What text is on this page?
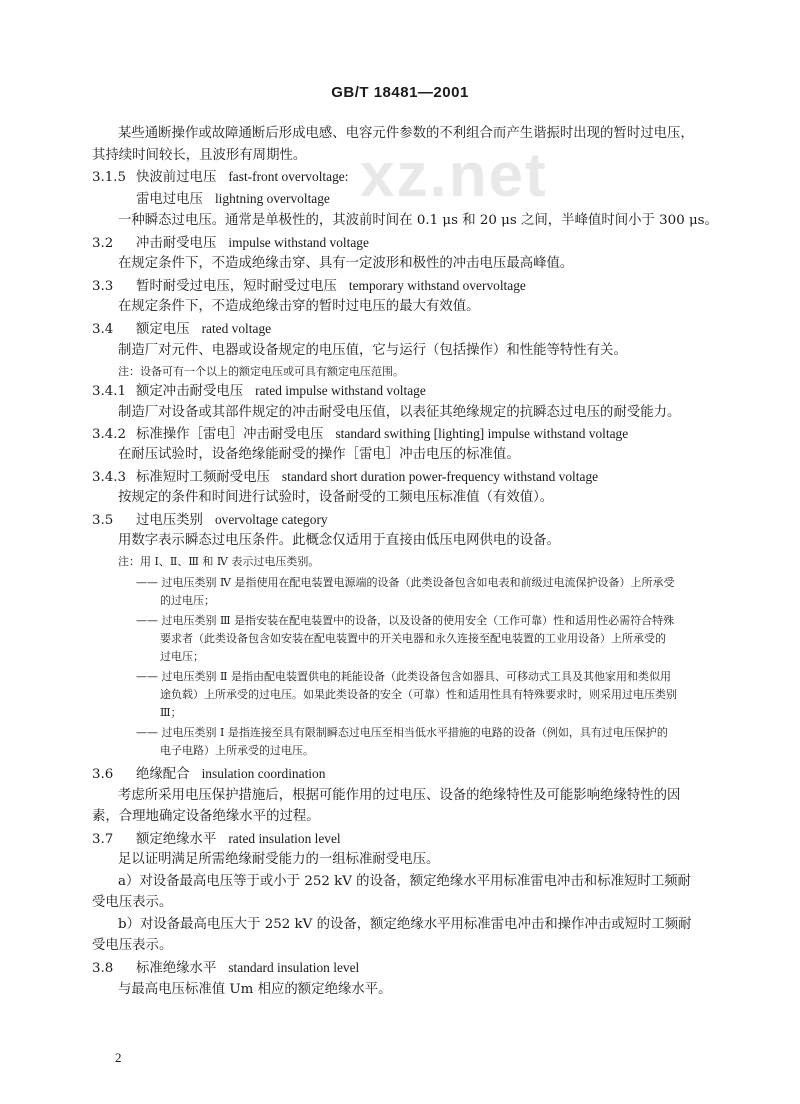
GB/T 18481—2001
xz.net
某些通断操作或故障通断后形成电感、电容元件参数的不利组合而产生谐振时出现的暂时过电压，
其持续时间较长，且波形有周期性。
3.1.5 快波前过电压 fast-front overvoltage:
雷电过电压 lightning overvoltage
一种瞬态过电压。通常是单极性的，其波前时间在 0.1 μs 和 20 μs 之间，半峰值时间小于 300 μs。
3.2 冲击耐受电压 impulse withstand voltage
在规定条件下，不造成绝缘击穿、具有一定波形和极性的冲击电压最高峰值。
3.3 暂时耐受过电压，短时耐受过电压 temporary withstand overvoltage
在规定条件下，不造成绝缘击穿的暂时过电压的最大有效值。
3.4 额定电压 rated voltage
制造厂对元件、电器或设备规定的电压值，它与运行（包括操作）和性能等特性有关。
注：设备可有一个以上的额定电压或可具有额定电压范围。
3.4.1 额定冲击耐受电压 rated impulse withstand voltage
制造厂对设备或其部件规定的冲击耐受电压值，以表征其绝缘规定的抗瞬态过电压的耐受能力。
3.4.2 标准操作［雷电］冲击耐受电压 standard swithing [lighting] impulse withstand voltage
在耐压试验时，设备绝缘能耐受的操作［雷电］冲击电压的标准值。
3.4.3 标准短时工频耐受电压 standard short duration power-frequency withstand voltage
按规定的条件和时间进行试验时，设备耐受的工频电压标准值（有效值）。
3.5 过电压类别 overvoltage category
用数字表示瞬态过电压条件。此概念仅适用于直接由低压电网供电的设备。
注：用 Ⅰ、Ⅱ、Ⅲ 和 Ⅳ 表示过电压类别。
—— 过电压类别 Ⅳ 是指使用在配电装置电源端的设备（此类设备包含如电表和前级过电流保护设备）上所承受
的过电压；
—— 过电压类别 Ⅲ 是指安装在配电装置中的设备，以及设备的使用安全（工作可靠）性和适用性必需符合特殊
要求者（此类设备包含如安装在配电装置中的开关电器和永久连接至配电装置的工业用设备）上所承受的
过电压；
—— 过电压类别 Ⅱ 是指由配电装置供电的耗能设备（此类设备包含如器具、可移动式工具及其他家用和类似用
途负载）上所承受的过电压。如果此类设备的安全（可靠）性和适用性具有特殊要求时，则采用过电压类别
Ⅲ；
—— 过电压类别 Ⅰ 是指连接至具有限制瞬态过电压至相当低水平措施的电路的设备（例如，具有过电压保护的
电子电路）上所承受的过电压。
3.6 绝缘配合 insulation coordination
考虑所采用电压保护措施后，根据可能作用的过电压、设备的绝缘特性及可能影响绝缘特性的因
素，合理地确定设备绝缘水平的过程。
3.7 额定绝缘水平 rated insulation level
足以证明满足所需绝缘耐受能力的一组标准耐受电压。
a）对设备最高电压等于或小于 252 kV 的设备，额定绝缘水平用标准雷电冲击和标准短时工频耐
受电压表示。
b）对设备最高电压大于 252 kV 的设备，额定绝缘水平用标准雷电冲击和操作冲击或短时工频耐
受电压表示。
3.8 标准绝缘水平 standard insulation level
与最高电压标准值 Um 相应的额定绝缘水平。
2
